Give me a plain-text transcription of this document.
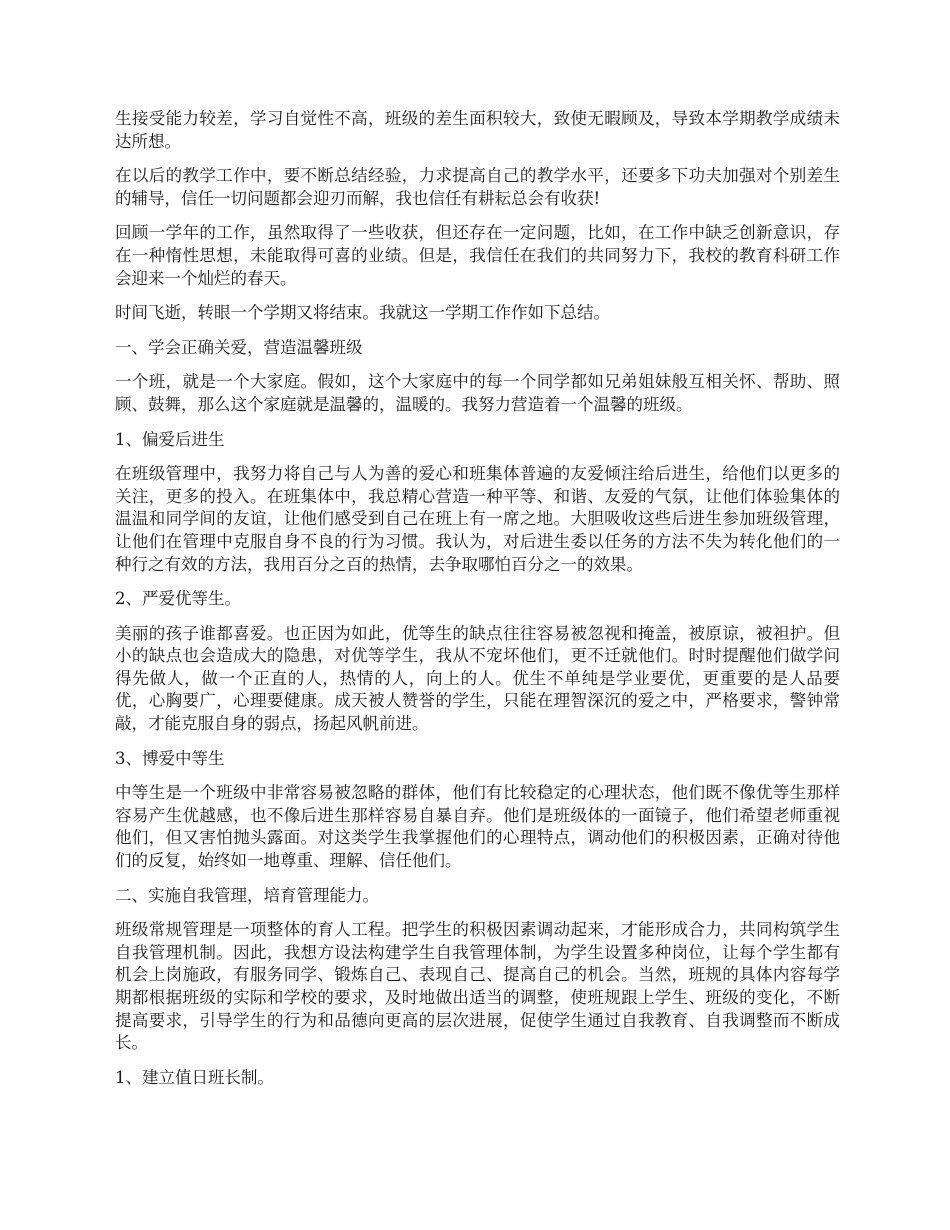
生接受能力较差，学习自觉性不高，班级的差生面积较大，致使无暇顾及，导致本学期教学成绩未达所想。

在以后的教学工作中，要不断总结经验，力求提高自己的教学水平，还要多下功夫加强对个别差生的辅导，信任一切问题都会迎刃而解，我也信任有耕耘总会有收获!

回顾一学年的工作，虽然取得了一些收获，但还存在一定问题，比如，在工作中缺乏创新意识，存在一种惰性思想，未能取得可喜的业绩。但是，我信任在我们的共同努力下，我校的教育科研工作会迎来一个灿烂的春天。

时间飞逝，转眼一个学期又将结束。我就这一学期工作作如下总结。

一、学会正确关爱，营造温馨班级

一个班，就是一个大家庭。假如，这个大家庭中的每一个同学都如兄弟姐妹般互相关怀、帮助、照顾、鼓舞，那么这个家庭就是温馨的，温暖的。我努力营造着一个温馨的班级。

1、偏爱后进生

在班级管理中，我努力将自己与人为善的爱心和班集体普遍的友爱倾注给后进生，给他们以更多的关注，更多的投入。在班集体中，我总精心营造一种平等、和谐、友爱的气氛，让他们体验集体的温温和同学间的友谊，让他们感受到自己在班上有一席之地。大胆吸收这些后进生参加班级管理，让他们在管理中克服自身不良的行为习惯。我认为，对后进生委以任务的方法不失为转化他们的一种行之有效的方法，我用百分之百的热情，去争取哪怕百分之一的效果。

2、严爱优等生。

美丽的孩子谁都喜爱。也正因为如此，优等生的缺点往往容易被忽视和掩盖，被原谅，被袒护。但小的缺点也会造成大的隐患，对优等学生，我从不宠坏他们，更不迁就他们。时时提醒他们做学问得先做人，做一个正直的人，热情的人，向上的人。优生不单纯是学业要优，更重要的是人品要优，心胸要广，心理要健康。成天被人赞誉的学生，只能在理智深沉的爱之中，严格要求，警钟常敲，才能克服自身的弱点，扬起风帆前进。

3、博爱中等生

中等生是一个班级中非常容易被忽略的群体，他们有比较稳定的心理状态，他们既不像优等生那样容易产生优越感，也不像后进生那样容易自暴自弃。他们是班级体的一面镜子，他们希望老师重视他们，但又害怕抛头露面。对这类学生我掌握他们的心理特点，调动他们的积极因素，正确对待他们的反复，始终如一地尊重、理解、信任他们。

二、实施自我管理，培育管理能力。

班级常规管理是一项整体的育人工程。把学生的积极因素调动起来，才能形成合力，共同构筑学生自我管理机制。因此，我想方设法构建学生自我管理体制，为学生设置多种岗位，让每个学生都有机会上岗施政，有服务同学、锻炼自己、表现自己、提高自己的机会。当然，班规的具体内容每学期都根据班级的实际和学校的要求，及时地做出适当的调整，使班规跟上学生、班级的变化，不断提高要求，引导学生的行为和品德向更高的层次进展，促使学生通过自我教育、自我调整而不断成长。

1、建立值日班长制。
